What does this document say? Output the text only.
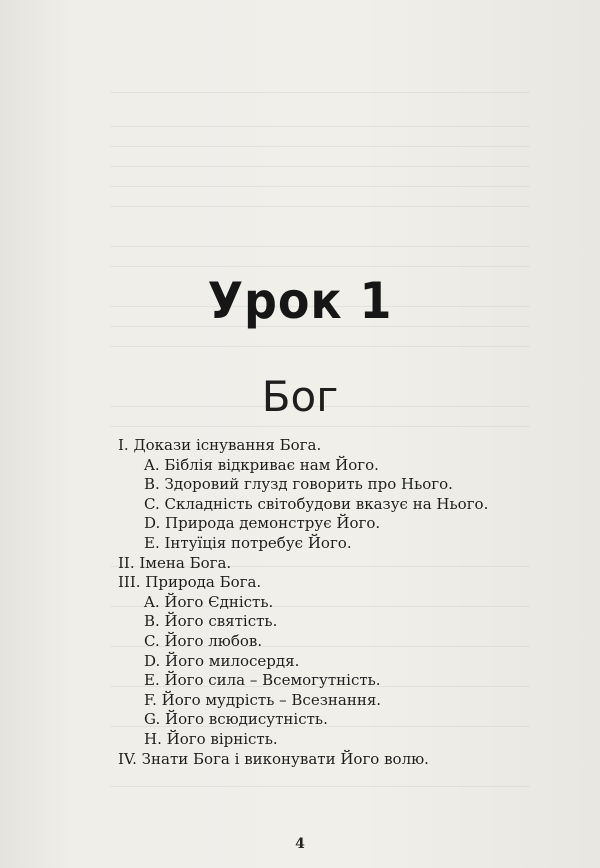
Урок 1
Бог
I. Докази існування Бога.
A. Біблія відкриває нам Його.
B. Здоровий глузд говорить про Нього.
C. Складність світобудови вказує на Нього.
D. Природа демонструє Його.
E. Інтуїція потребує Його.
II. Імена Бога.
III. Природа Бога.
A. Його Єдність.
B. Його святість.
C. Його любов.
D. Його милосердя.
E. Його сила – Всемогутність.
F. Його мудрість – Всезнання.
G. Його всюдисутність.
H. Його вірність.
IV. Знати Бога і виконувати Його волю.
4
